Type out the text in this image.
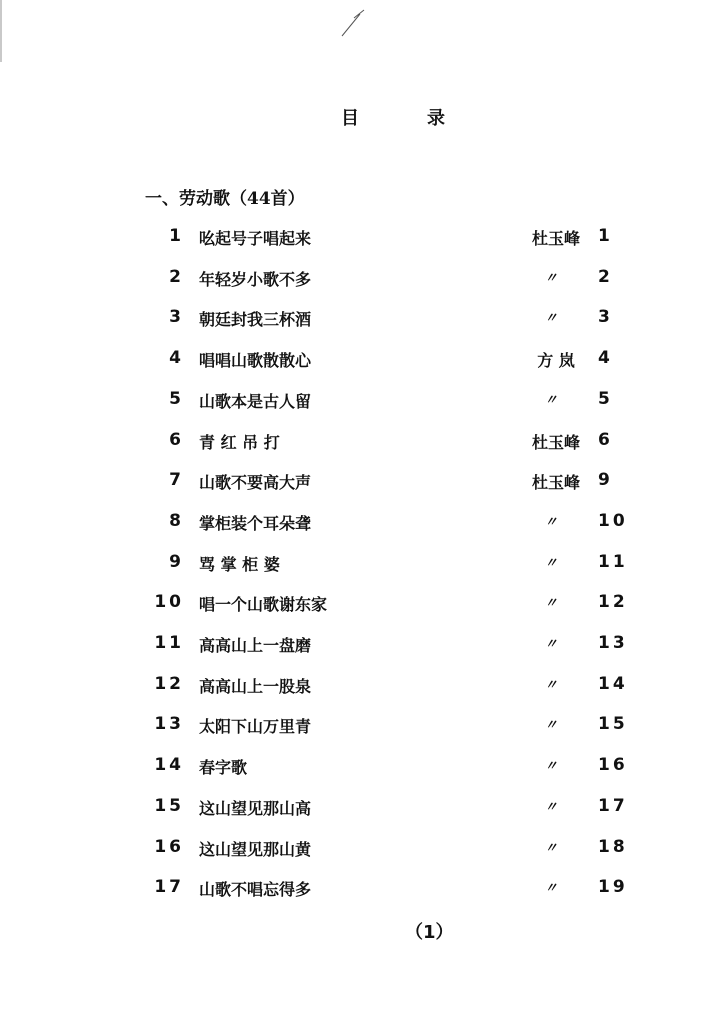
目	录
一、劳动歌（44首）
1 吆起号子唱起来	杜玉峰	1
2 年轻岁小歌不多	〃	2
3 朝廷封我三杯酒	〃	3
4 唱唱山歌散散心	方 岚	4
5 山歌本是古人留	〃	5
6 青 红 吊 打	杜玉峰	6
7 山歌不要高大声	杜玉峰	9
8 掌柜装个耳朵聋	〃	10
9 骂 掌 柜 婆	〃	11
10 唱一个山歌谢东家	〃	12
11 高高山上一盘磨	〃	13
12 高高山上一股泉	〃	14
13 太阳下山万里青	〃	15
14 春字歌	〃	16
15 这山望见那山高	〃	17
16 这山望见那山黄	〃	18
17 山歌不唱忘得多	〃	19
（1）
